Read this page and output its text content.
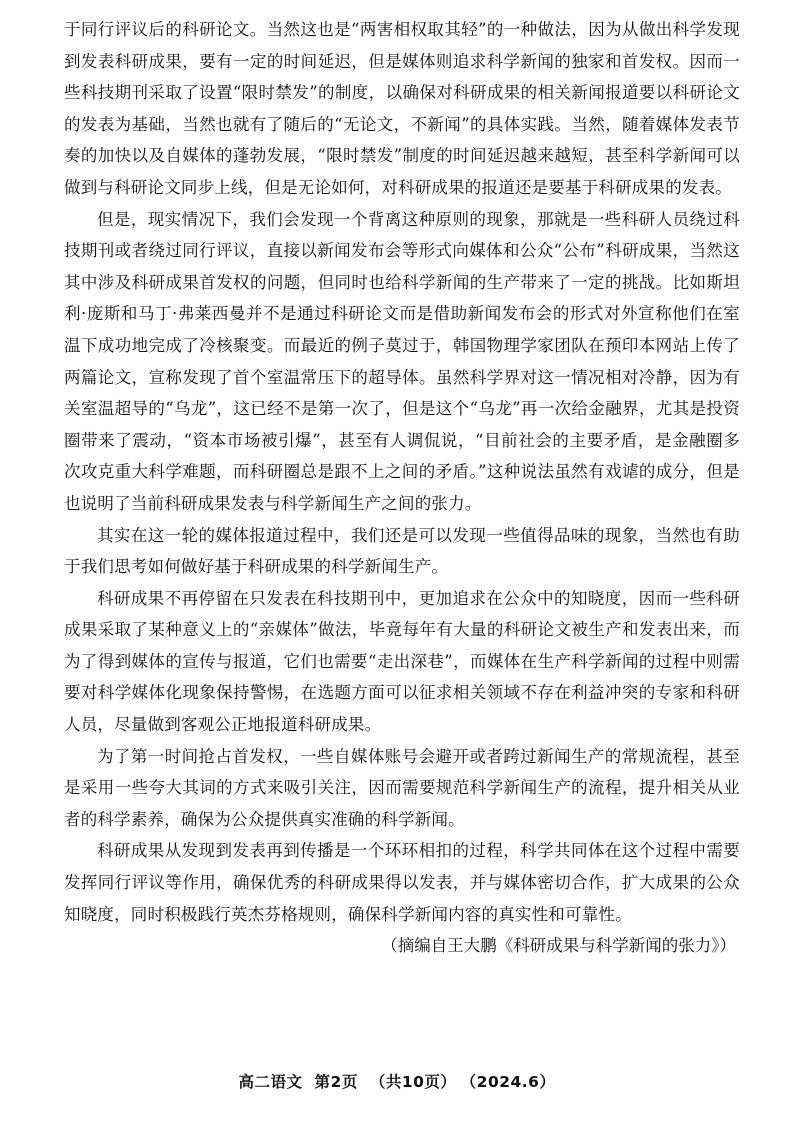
于同行评议后的科研论文。当然这也是“两害相权取其轻”的一种做法，因为从做出科学发现到发表科研成果，要有一定的时间延迟，但是媒体则追求科学新闻的独家和首发权。因而一些科技期刊采取了设置“限时禁发”的制度，以确保对科研成果的相关新闻报道要以科研论文的发表为基础，当然也就有了随后的“无论文，不新闻”的具体实践。当然，随着媒体发表节奏的加快以及自媒体的蓬勃发展，“限时禁发”制度的时间延迟越来越短，甚至科学新闻可以做到与科研论文同步上线，但是无论如何，对科研成果的报道还是要基于科研成果的发表。

但是，现实情况下，我们会发现一个背离这种原则的现象，那就是一些科研人员绕过科技期刊或者绕过同行评议，直接以新闻发布会等形式向媒体和公众“公布”科研成果，当然这其中涉及科研成果首发权的问题，但同时也给科学新闻的生产带来了一定的挑战。比如斯坦利·庞斯和马丁·弗莱西曼并不是通过科研论文而是借助新闻发布会的形式对外宣称他们在室温下成功地完成了冷核聚变。而最近的例子莫过于，韩国物理学家团队在预印本网站上传了两篇论文，宣称发现了首个室温常压下的超导体。虽然科学界对这一情况相对冷静，因为有关室温超导的“乌龙”，这已经不是第一次了，但是这个“乌龙”再一次给金融界，尤其是投资圈带来了震动，“资本市场被引爆”，甚至有人调侃说，“目前社会的主要矛盾，是金融圈多次攻克重大科学难题，而科研圈总是跟不上之间的矛盾。”这种说法虽然有戏谑的成分，但是也说明了当前科研成果发表与科学新闻生产之间的张力。

其实在这一轮的媒体报道过程中，我们还是可以发现一些值得品味的现象，当然也有助于我们思考如何做好基于科研成果的科学新闻生产。

科研成果不再停留在只发表在科技期刊中，更加追求在公众中的知晓度，因而一些科研成果采取了某种意义上的“亲媒体”做法，毕竟每年有大量的科研论文被生产和发表出来，而为了得到媒体的宣传与报道，它们也需要“走出深巷”，而媒体在生产科学新闻的过程中则需要对科学媒体化现象保持警惕，在选题方面可以征求相关领域不存在利益冲突的专家和科研人员，尽量做到客观公正地报道科研成果。

为了第一时间抢占首发权，一些自媒体账号会避开或者跨过新闻生产的常规流程，甚至是采用一些夸大其词的方式来吸引关注，因而需要规范科学新闻生产的流程，提升相关从业者的科学素养，确保为公众提供真实准确的科学新闻。

科研成果从发现到发表再到传播是一个环环相扣的过程，科学共同体在这个过程中需要发挥同行评议等作用，确保优秀的科研成果得以发表，并与媒体密切合作，扩大成果的公众知晓度，同时积极践行英杰芬格规则，确保科学新闻内容的真实性和可靠性。

（摘编自王大鹏《科研成果与科学新闻的张力》）

高二语文 第2页 （共10页） （2024.6）
